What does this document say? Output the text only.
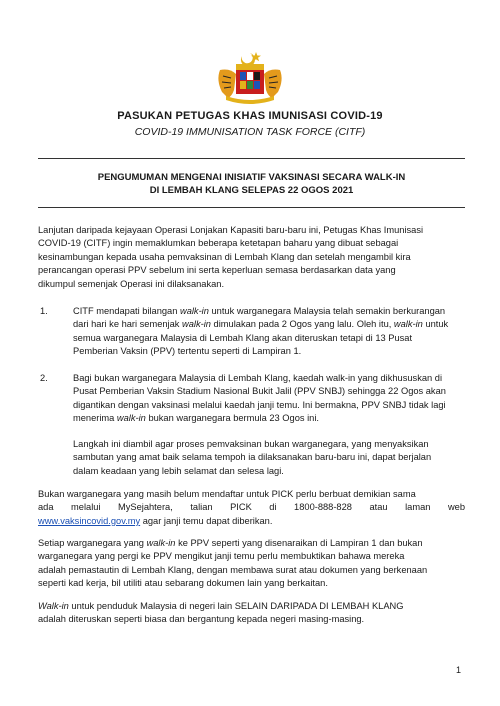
PASUKAN PETUGAS KHAS IMUNISASI COVID-19
COVID-19 IMMUNISATION TASK FORCE (CITF)
PENGUMUMAN MENGENAI INISIATIF VAKSINASI SECARA WALK-IN
DI LEMBAH KLANG SELEPAS 22 OGOS 2021
Lanjutan daripada kejayaan Operasi Lonjakan Kapasiti baru-baru ini, Petugas Khas Imunisasi
COVID-19 (CITF) ingin memaklumkan beberapa ketetapan baharu yang dibuat sebagai
kesinambungan kepada usaha pemvaksinan di Lembah Klang dan setelah mengambil kira
perancangan operasi PPV sebelum ini serta keperluan semasa berdasarkan data yang
dikumpul semenjak Operasi ini dilaksanakan.
1.	CITF mendapati bilangan walk-in untuk warganegara Malaysia telah semakin berkurangan
dari hari ke hari semenjak walk-in dimulakan pada 2 Ogos yang lalu. Oleh itu, walk-in untuk
semua warganegara Malaysia di Lembah Klang akan diteruskan tetapi di 13 Pusat
Pemberian Vaksin (PPV) tertentu seperti di Lampiran 1.
2.	Bagi bukan warganegara Malaysia di Lembah Klang, kaedah walk-in yang dikhususkan di
Pusat Pemberian Vaksin Stadium Nasional Bukit Jalil (PPV SNBJ) sehingga 22 Ogos akan
digantikan dengan vaksinasi melalui kaedah janji temu. Ini bermakna, PPV SNBJ tidak lagi
menerima walk-in bukan warganegara bermula 23 Ogos ini.
Langkah ini diambil agar proses pemvaksinan bukan warganegara, yang menyaksikan
sambutan yang amat baik selama tempoh ia dilaksanakan baru-baru ini, dapat berjalan
dalam keadaan yang lebih selamat dan selesa lagi.
Bukan warganegara yang masih belum mendaftar untuk PICK perlu berbuat demikian sama
ada melalui MySejahtera, talian PICK di 1800-888-828 atau laman web
www.vaksincovid.gov.my agar janji temu dapat diberikan.
Setiap warganegara yang walk-in ke PPV seperti yang disenaraikan di Lampiran 1 dan bukan
warganegara yang pergi ke PPV mengikut janji temu perlu membuktikan bahawa mereka
adalah pemastautin di Lembah Klang, dengan membawa surat atau dokumen yang berkenaan
seperti kad kerja, bil utiliti atau sebarang dokumen lain yang berkaitan.
Walk-in untuk penduduk Malaysia di negeri lain SELAIN DARIPADA DI LEMBAH KLANG
adalah diteruskan seperti biasa dan bergantung kepada negeri masing-masing.
1
